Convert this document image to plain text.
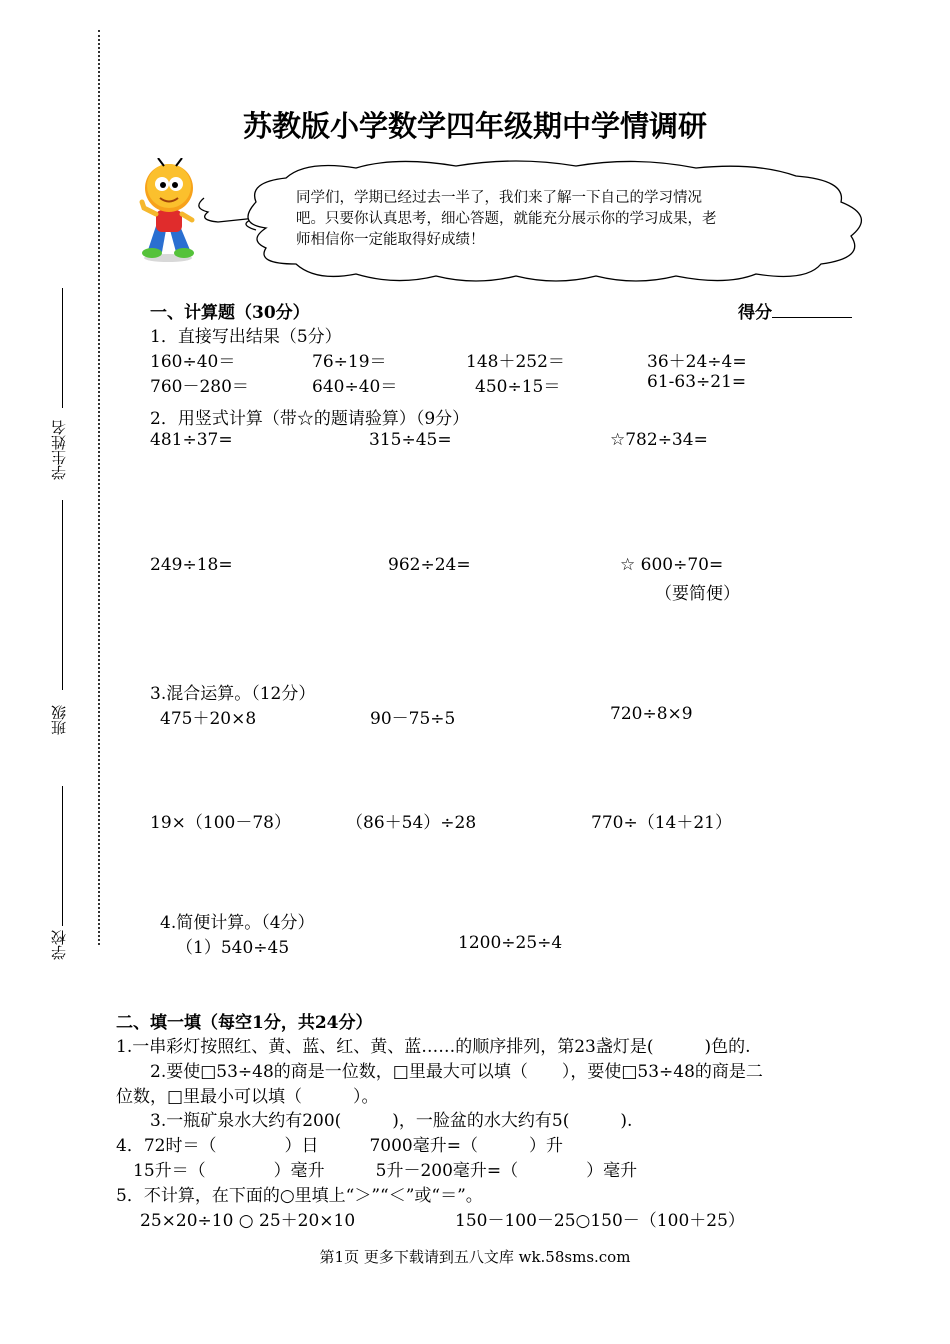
学生姓名
班级
学校
苏教版小学数学四年级期中学情调研
同学们，学期已经过去一半了，我们来了解一下自己的学习情况吧。只要你认真思考，细心答题，就能充分展示你的学习成果，老师相信你一定能取得好成绩！
一、计算题（30分）	得分
1．直接写出结果（5分）
160÷40＝	76÷19＝	148＋252＝	36＋24÷4=
760－280＝	640÷40＝	450÷15＝	61-63÷21=
2．用竖式计算（带☆的题请验算）（9分）
481÷37=	315÷45=	☆782÷34=
249÷18=	962÷24=	☆ 600÷70=
（要简便）
3.混合运算。（12分）
475＋20×8	90－75÷5	720÷8×9
19×（100－78）	（86＋54）÷28	770÷（14＋21）
4.简便计算。（4分）
（1）540÷45	1200÷25÷4
二、填一填（每空1分，共24分）
1.一串彩灯按照红、黄、蓝、红、黄、蓝……的顺序排列，第23盏灯是(　　　)色的.
2.要使□53÷48的商是一位数，□里最大可以填（　　），要使□53÷48的商是二
位数，□里最小可以填（　　　）。
3.一瓶矿泉水大约有200(　　　)，一脸盆的水大约有5(　　　).
4．72时＝（　　　　）日　　　7000毫升=（　　　）升
15升＝（　　　　）毫升　　　5升－200毫升=（　　　　）毫升
5．不计算，在下面的○里填上“＞”“＜”或“＝”。
25×20÷10 ○ 25＋20×10	150－100－25○150－（100＋25）
第1页 更多下载请到五八文库 wk.58sms.com
